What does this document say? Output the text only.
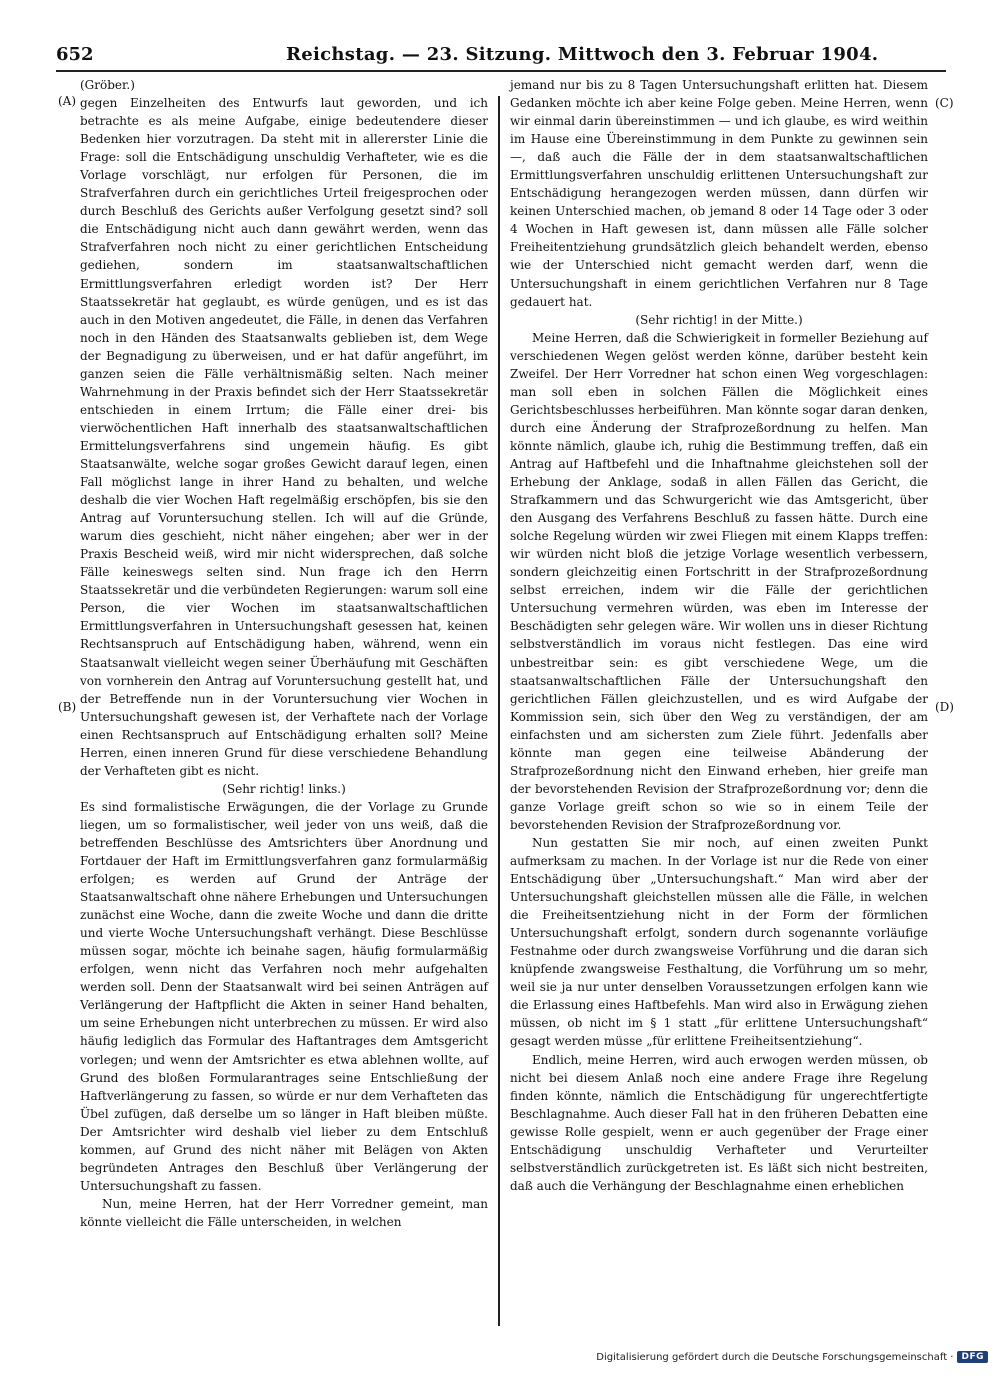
652	Reichstag. — 23. Sitzung. Mittwoch den 3. Februar 1904.
(A)
(B)
(C)
(D)
(Gröber.)

gegen Einzelheiten des Entwurfs laut geworden, und ich betrachte es als meine Aufgabe, einige bedeutendere dieser Bedenken hier vorzutragen. Da steht mit in allererster Linie die Frage: soll die Entschädigung unschuldig Verhafteter, wie es die Vorlage vorschlägt, nur erfolgen für Personen, die im Strafverfahren durch ein gerichtliches Urteil freigesprochen oder durch Beschluß des Gerichts außer Verfolgung gesetzt sind? soll die Entschädigung nicht auch dann gewährt werden, wenn das Strafverfahren noch nicht zu einer gerichtlichen Entscheidung gediehen, sondern im staatsanwaltschaftlichen Ermittlungsverfahren erledigt worden ist? Der Herr Staatssekretär hat geglaubt, es würde genügen, und es ist das auch in den Motiven angedeutet, die Fälle, in denen das Verfahren noch in den Händen des Staatsanwalts geblieben ist, dem Wege der Begnadigung zu überweisen, und er hat dafür angeführt, im ganzen seien die Fälle verhältnismäßig selten. Nach meiner Wahrnehmung in der Praxis befindet sich der Herr Staatssekretär entschieden in einem Irrtum; die Fälle einer drei- bis vierwöchentlichen Haft innerhalb des staatsanwaltschaftlichen Ermittelungsverfahrens sind ungemein häufig. Es gibt Staatsanwälte, welche sogar großes Gewicht darauf legen, einen Fall möglichst lange in ihrer Hand zu behalten, und welche deshalb die vier Wochen Haft regelmäßig erschöpfen, bis sie den Antrag auf Voruntersuchung stellen. Ich will auf die Gründe, warum dies geschieht, nicht näher eingehen; aber wer in der Praxis Bescheid weiß, wird mir nicht widersprechen, daß solche Fälle keineswegs selten sind. Nun frage ich den Herrn Staatssekretär und die verbündeten Regierungen: warum soll eine Person, die vier Wochen im staatsanwaltschaftlichen Ermittlungsverfahren in Untersuchungshaft gesessen hat, keinen Rechtsanspruch auf Entschädigung haben, während, wenn ein Staatsanwalt vielleicht wegen seiner Überhäufung mit Geschäften von vornherein den Antrag auf Voruntersuchung gestellt hat, und der Betreffende nun in der Voruntersuchung vier Wochen in Untersuchungshaft gewesen ist, der Verhaftete nach der Vorlage einen Rechtsanspruch auf Entschädigung erhalten soll? Meine Herren, einen inneren Grund für diese verschiedene Behandlung der Verhafteten gibt es nicht.

(Sehr richtig! links.)

Es sind formalistische Erwägungen, die der Vorlage zu Grunde liegen, um so formalistischer, weil jeder von uns weiß, daß die betreffenden Beschlüsse des Amtsrichters über Anordnung und Fortdauer der Haft im Ermittlungsverfahren ganz formularmäßig erfolgen; es werden auf Grund der Anträge der Staatsanwaltschaft ohne nähere Erhebungen und Untersuchungen zunächst eine Woche, dann die zweite Woche und dann die dritte und vierte Woche Untersuchungshaft verhängt. Diese Beschlüsse müssen sogar, möchte ich beinahe sagen, häufig formularmäßig erfolgen, wenn nicht das Verfahren noch mehr aufgehalten werden soll. Denn der Staatsanwalt wird bei seinen Anträgen auf Verlängerung der Haftpflicht die Akten in seiner Hand behalten, um seine Erhebungen nicht unterbrechen zu müssen. Er wird also häufig lediglich das Formular des Haftantrages dem Amtsgericht vorlegen; und wenn der Amtsrichter es etwa ablehnen wollte, auf Grund des bloßen Formularantrages seine Entschließung der Haftverlängerung zu fassen, so würde er nur dem Verhafteten das Übel zufügen, daß derselbe um so länger in Haft bleiben müßte. Der Amtsrichter wird deshalb viel lieber zu dem Entschluß kommen, auf Grund des nicht näher mit Belägen von Akten begründeten Antrages den Beschluß über Verlängerung der Untersuchungshaft zu fassen.

Nun, meine Herren, hat der Herr Vorredner gemeint, man könnte vielleicht die Fälle unterscheiden, in welchen

jemand nur bis zu 8 Tagen Untersuchungshaft erlitten hat. Diesem Gedanken möchte ich aber keine Folge geben. Meine Herren, wenn wir einmal darin übereinstimmen — und ich glaube, es wird weithin im Hause eine Übereinstimmung in dem Punkte zu gewinnen sein —, daß auch die Fälle der in dem staatsanwaltschaftlichen Ermittlungsverfahren unschuldig erlittenen Untersuchungshaft zur Entschädigung herangezogen werden müssen, dann dürfen wir keinen Unterschied machen, ob jemand 8 oder 14 Tage oder 3 oder 4 Wochen in Haft gewesen ist, dann müssen alle Fälle solcher Freiheitentziehung grundsätzlich gleich behandelt werden, ebenso wie der Unterschied nicht gemacht werden darf, wenn die Untersuchungshaft in einem gerichtlichen Verfahren nur 8 Tage gedauert hat.

(Sehr richtig! in der Mitte.)

Meine Herren, daß die Schwierigkeit in formeller Beziehung auf verschiedenen Wegen gelöst werden könne, darüber besteht kein Zweifel. Der Herr Vorredner hat schon einen Weg vorgeschlagen: man soll eben in solchen Fällen die Möglichkeit eines Gerichtsbeschlusses herbeiführen. Man könnte sogar daran denken, durch eine Änderung der Strafprozeßordnung zu helfen. Man könnte nämlich, glaube ich, ruhig die Bestimmung treffen, daß ein Antrag auf Haftbefehl und die Inhaftnahme gleichstehen soll der Erhebung der Anklage, sodaß in allen Fällen das Gericht, die Strafkammern und das Schwurgericht wie das Amtsgericht, über den Ausgang des Verfahrens Beschluß zu fassen hätte. Durch eine solche Regelung würden wir zwei Fliegen mit einem Klapps treffen: wir würden nicht bloß die jetzige Vorlage wesentlich verbessern, sondern gleichzeitig einen Fortschritt in der Strafprozeßordnung selbst erreichen, indem wir die Fälle der gerichtlichen Untersuchung vermehren würden, was eben im Interesse der Beschädigten sehr gelegen wäre. Wir wollen uns in dieser Richtung selbstverständlich im voraus nicht festlegen. Das eine wird unbestreitbar sein: es gibt verschiedene Wege, um die staatsanwaltschaftlichen Fälle der Untersuchungshaft den gerichtlichen Fällen gleichzustellen, und es wird Aufgabe der Kommission sein, sich über den Weg zu verständigen, der am einfachsten und am sichersten zum Ziele führt. Jedenfalls aber könnte man gegen eine teilweise Abänderung der Strafprozeßordnung nicht den Einwand erheben, hier greife man der bevorstehenden Revision der Strafprozeßordnung vor; denn die ganze Vorlage greift schon so wie so in einem Teile der bevorstehenden Revision der Strafprozeßordnung vor.

Nun gestatten Sie mir noch, auf einen zweiten Punkt aufmerksam zu machen. In der Vorlage ist nur die Rede von einer Entschädigung über „Untersuchungshaft.“ Man wird aber der Untersuchungshaft gleichstellen müssen alle die Fälle, in welchen die Freiheitsentziehung nicht in der Form der förmlichen Untersuchungshaft erfolgt, sondern durch sogenannte vorläufige Festnahme oder durch zwangsweise Vorführung und die daran sich knüpfende zwangsweise Festhaltung, die Vorführung um so mehr, weil sie ja nur unter denselben Voraussetzungen erfolgen kann wie die Erlassung eines Haftbefehls. Man wird also in Erwägung ziehen müssen, ob nicht im § 1 statt „für erlittene Untersuchungshaft“ gesagt werden müsse „für erlittene Freiheitsentziehung“.

Endlich, meine Herren, wird auch erwogen werden müssen, ob nicht bei diesem Anlaß noch eine andere Frage ihre Regelung finden könnte, nämlich die Entschädigung für ungerechtfertigte Beschlagnahme. Auch dieser Fall hat in den früheren Debatten eine gewisse Rolle gespielt, wenn er auch gegenüber der Frage einer Entschädigung unschuldig Verhafteter und Verurteilter selbstverständlich zurückgetreten ist. Es läßt sich nicht bestreiten, daß auch die Verhängung der Beschlagnahme einen erheblichen

Digitalisierung gefördert durch die Deutsche Forschungsgemeinschaft · DFG
